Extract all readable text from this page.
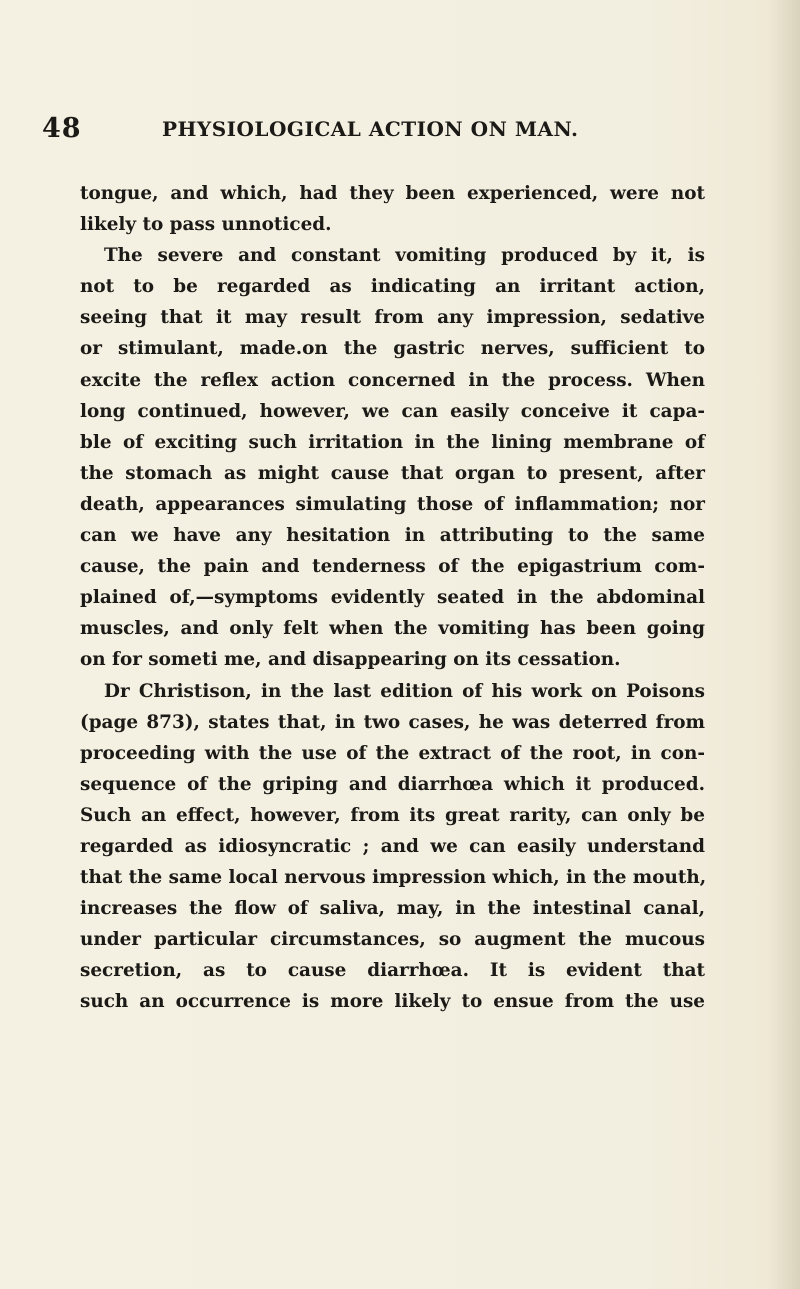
48	PHYSIOLOGICAL ACTION ON MAN.
tongue, and which, had they been experienced, were not
likely to pass unnoticed.
The severe and constant vomiting produced by it, is
not to be regarded as indicating an irritant action,
seeing that it may result from any impression, sedative
or stimulant, made.on the gastric nerves, sufficient to
excite the reflex action concerned in the process. When
long continued, however, we can easily conceive it capa-
ble of exciting such irritation in the lining membrane of
the stomach as might cause that organ to present, after
death, appearances simulating those of inflammation; nor
can we have any hesitation in attributing to the same
cause, the pain and tenderness of the epigastrium com-
plained of,—symptoms evidently seated in the abdominal
muscles, and only felt when the vomiting has been going
on for someti me, and disappearing on its cessation.
Dr Christison, in the last edition of his work on Poisons
(page 873), states that, in two cases, he was deterred from
proceeding with the use of the extract of the root, in con-
sequence of the griping and diarrhœa which it produced.
Such an effect, however, from its great rarity, can only be
regarded as idiosyncratic ; and we can easily understand
that the same local nervous impression which, in the mouth,
increases the flow of saliva, may, in the intestinal canal,
under particular circumstances, so augment the mucous
secretion, as to cause diarrhœa. It is evident that
such an occurrence is more likely to ensue from the use
